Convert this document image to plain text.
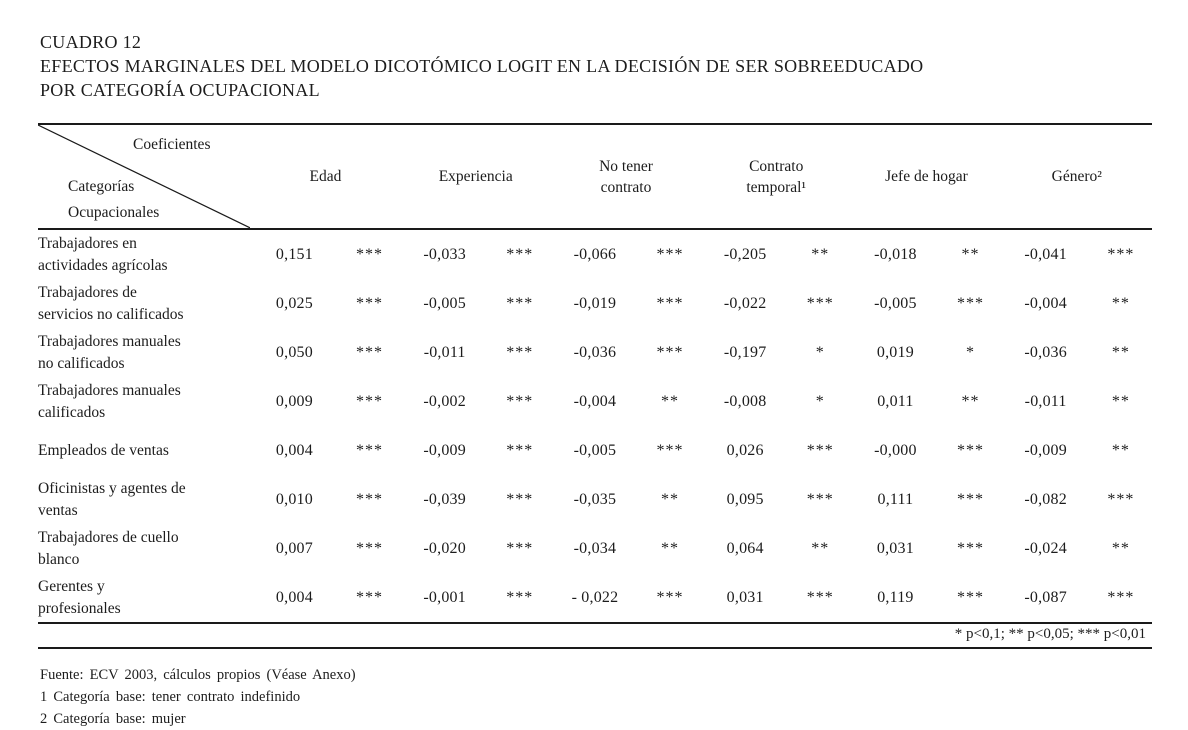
CUADRO 12
EFECTOS MARGINALES DEL MODELO DICOTÓMICO LOGIT EN LA DECISIÓN DE SER SOBREEDUCADO
POR CATEGORÍA OCUPACIONAL

Coeficientes

Categorías
Ocupacionales	Edad		Experiencia		No tener
contrato		Contrato
temporal¹		Jefe de hogar		Género²	
Trabajadores en
actividades agrícolas	0,151	***	-0,033	***	-0,066	***	-0,205	**	-0,018	**	-0,041	***
Trabajadores de
servicios no calificados	0,025	***	-0,005	***	-0,019	***	-0,022	***	-0,005	***	-0,004	**
Trabajadores manuales
no calificados	0,050	***	-0,011	***	-0,036	***	-0,197	*	0,019	*	-0,036	**
Trabajadores manuales
calificados	0,009	***	-0,002	***	-0,004	**	-0,008	*	0,011	**	-0,011	**
Empleados de ventas	0,004	***	-0,009	***	-0,005	***	0,026	***	-0,000	***	-0,009	**
Oficinistas y agentes de
ventas	0,010	***	-0,039	***	-0,035	**	0,095	***	0,111	***	-0,082	***
Trabajadores de cuello
blanco	0,007	***	-0,020	***	-0,034	**	0,064	**	0,031	***	-0,024	**
Gerentes y
profesionales	0,004	***	-0,001	***	- 0,022	***	0,031	***	0,119	***	-0,087	***
* p<0,1; ** p<0,05; *** p<0,01												
Fuente: ECV 2003, cálculos propios (Véase Anexo)
1 Categoría base: tener contrato indefinido
2 Categoría base: mujer
